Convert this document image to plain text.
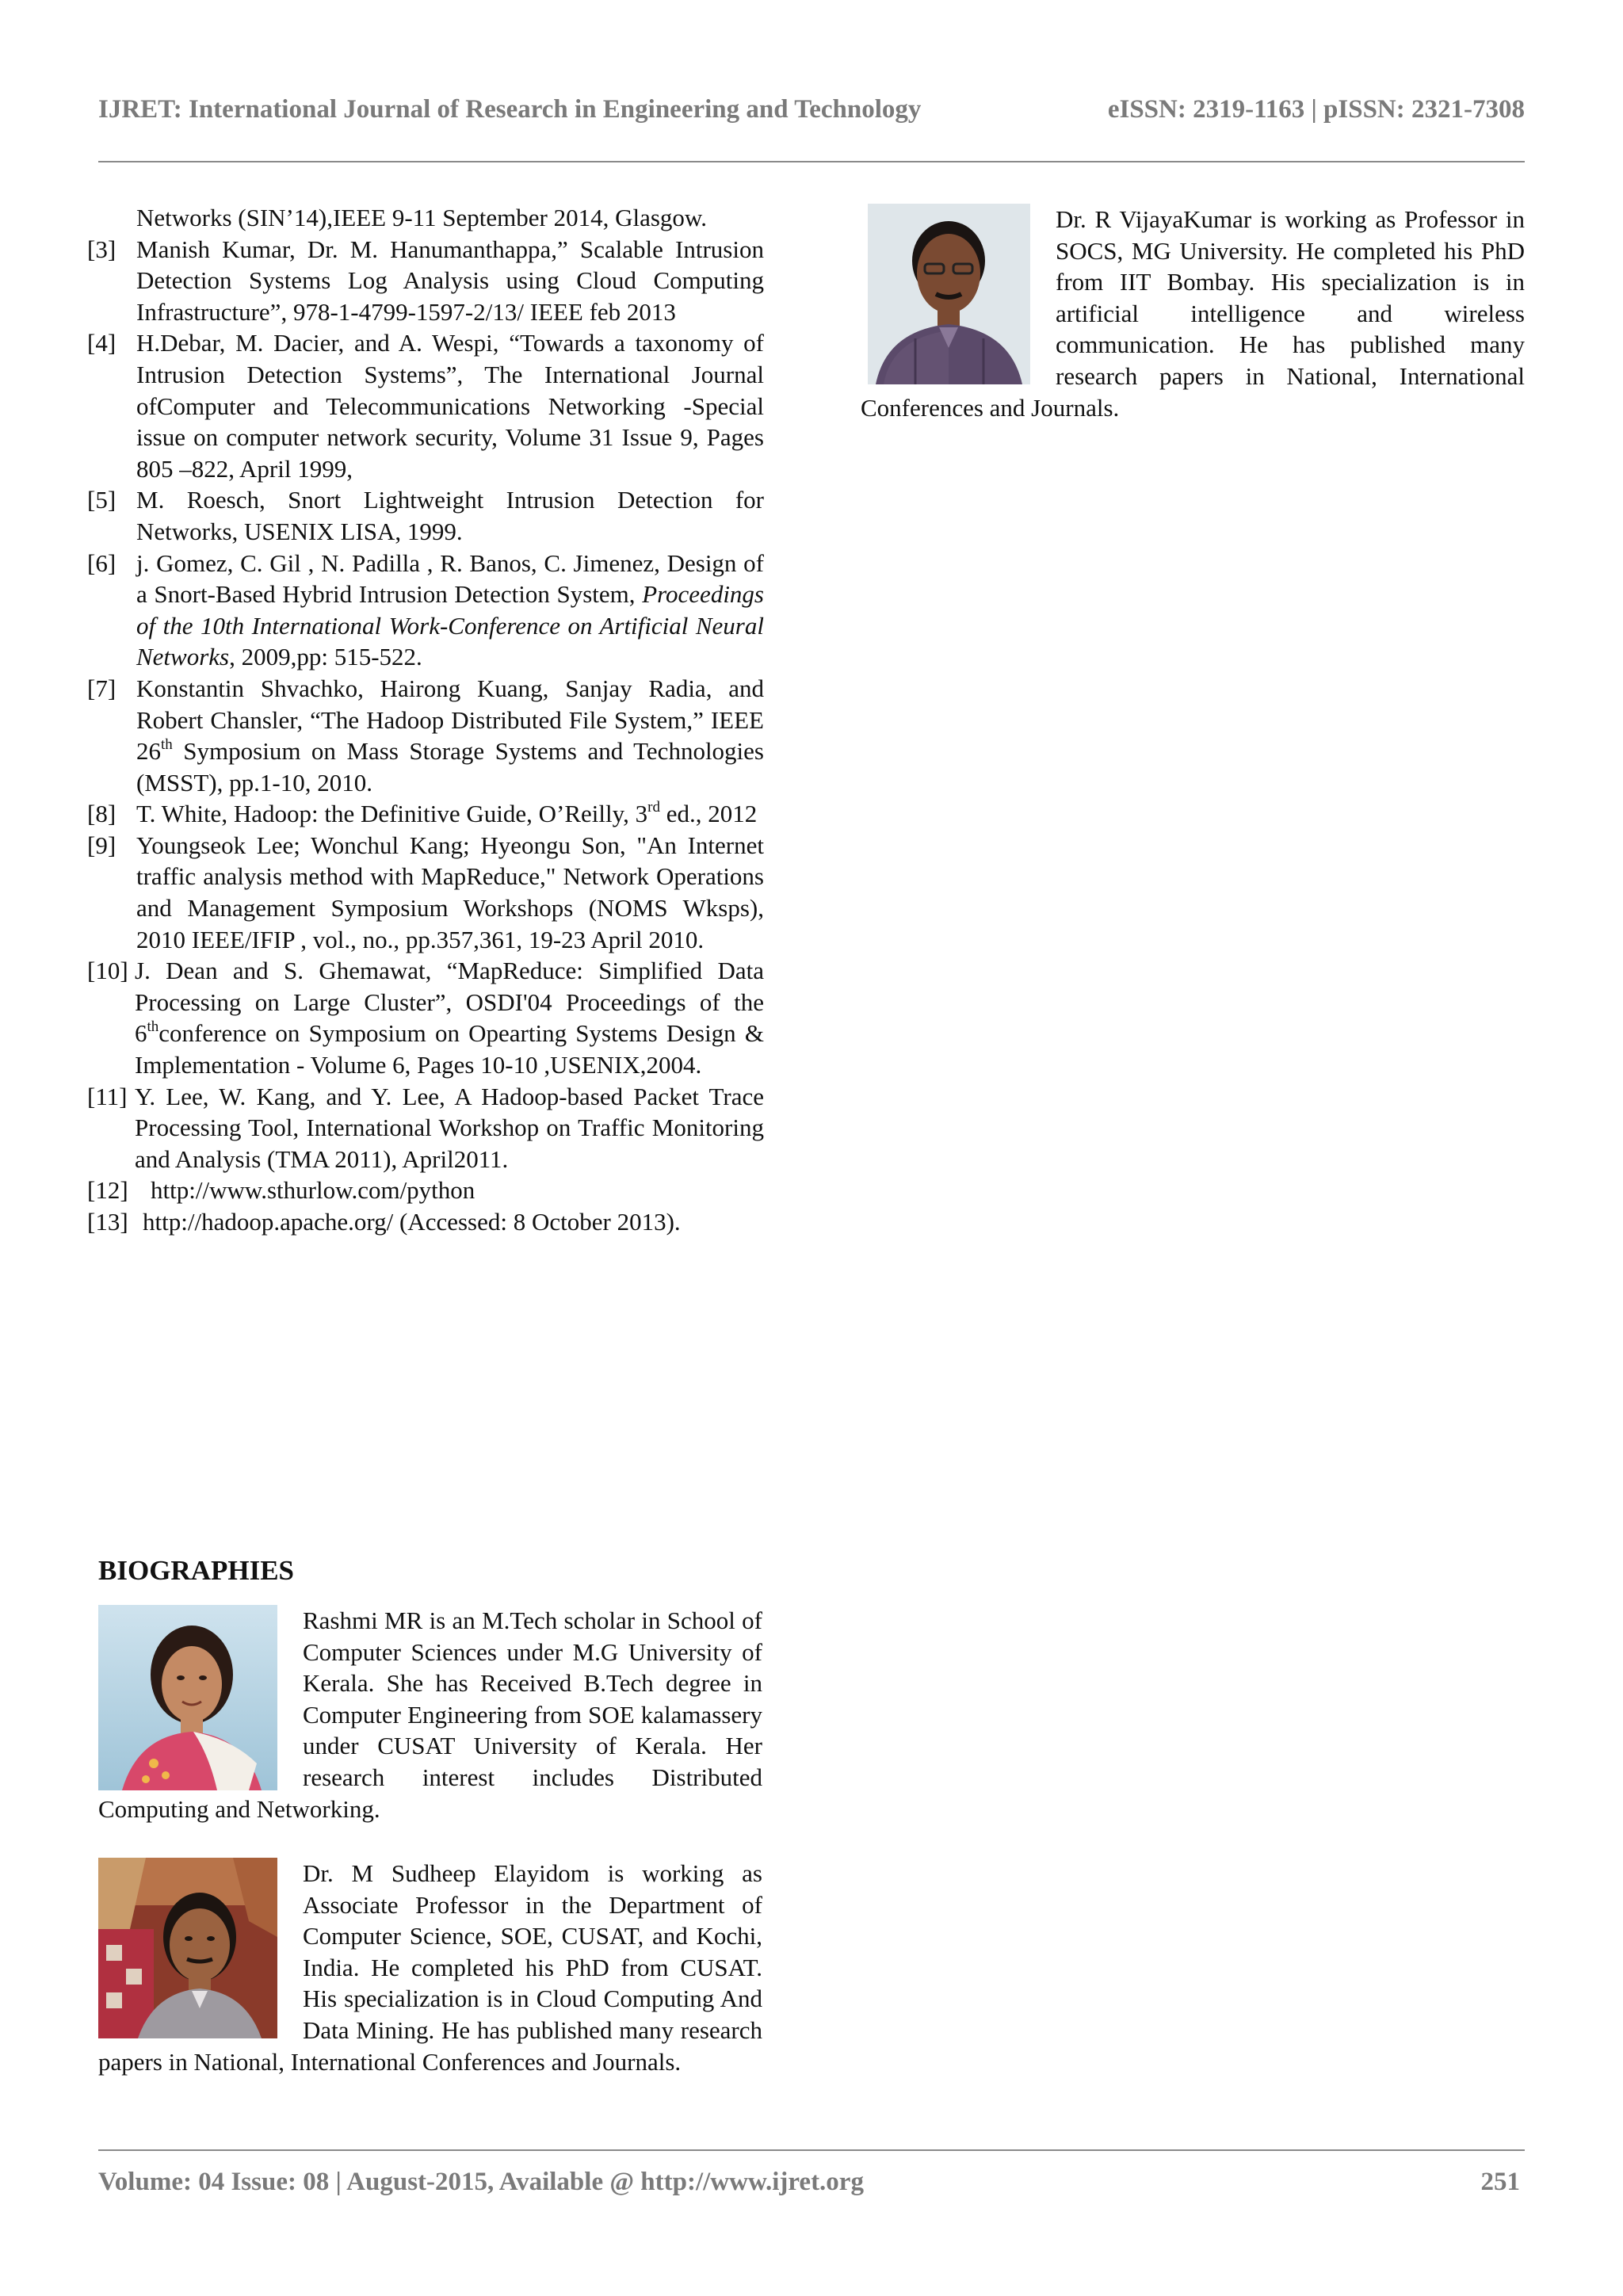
IJRET: International Journal of Research in Engineering and Technology	eISSN: 2319-1163 | pISSN: 2321-7308
Networks (SIN’14),IEEE 9-11 September 2014, Glasgow.
[3] Manish Kumar, Dr. M. Hanumanthappa,” Scalable Intrusion Detection Systems Log Analysis using Cloud Computing Infrastructure”, 978-1-4799-1597-2/13/ IEEE feb 2013
[4] H.Debar, M. Dacier, and A. Wespi, “Towards a taxonomy of Intrusion Detection Systems”, The International Journal ofComputer and Telecommunications Networking -Special issue on computer network security, Volume 31 Issue 9, Pages 805 –822, April 1999,
[5] M. Roesch, Snort Lightweight Intrusion Detection for Networks, USENIX LISA, 1999.
[6] j. Gomez, C. Gil , N. Padilla , R. Banos, C. Jimenez, Design of a Snort-Based Hybrid Intrusion Detection System, Proceedings of the 10th International Work-Conference on Artificial Neural Networks, 2009,pp: 515-522.
[7] Konstantin Shvachko, Hairong Kuang, Sanjay Radia, and Robert Chansler, “The Hadoop Distributed File System,” IEEE 26th Symposium on Mass Storage Systems and Technologies (MSST), pp.1-10, 2010.
[8] T. White, Hadoop: the Definitive Guide, O’Reilly, 3rd ed., 2012
[9] Youngseok Lee; Wonchul Kang; Hyeongu Son, "An Internet traffic analysis method with MapReduce," Network Operations and Management Symposium Workshops (NOMS Wksps), 2010 IEEE/IFIP , vol., no., pp.357,361, 19-23 April 2010.
[10] J. Dean and S. Ghemawat, “MapReduce: Simplified Data Processing on Large Cluster”, OSDI'04 Proceedings of the 6thconference on Symposium on Opearting Systems Design & Implementation - Volume 6, Pages 10-10 ,USENIX,2004.
[11] Y. Lee, W. Kang, and Y. Lee, A Hadoop-based Packet Trace Processing Tool, International Workshop on Traffic Monitoring and Analysis (TMA 2011), April2011.
[12] http://www.sthurlow.com/python
[13] http://hadoop.apache.org/ (Accessed: 8 October 2013).
BIOGRAPHIES
Rashmi MR is an M.Tech scholar in School of Computer Sciences under M.G University of Kerala. She has Received B.Tech degree in Computer Engineering from SOE kalamassery under CUSAT University of Kerala. Her research interest includes Distributed Computing and Networking.
Dr. M Sudheep Elayidom is working as Associate Professor in the Department of Computer Science, SOE, CUSAT, and Kochi, India. He completed his PhD from CUSAT. His specialization is in Cloud Computing And Data Mining. He has published many research papers in National, International Conferences and Journals.
Dr. R VijayaKumar is working as Professor in SOCS, MG University. He completed his PhD from IIT Bombay. His specialization is in artificial intelligence and wireless communication. He has published many research papers in National, International Conferences and Journals.
Volume: 04 Issue: 08 | August-2015, Available @ http://www.ijret.org	251
